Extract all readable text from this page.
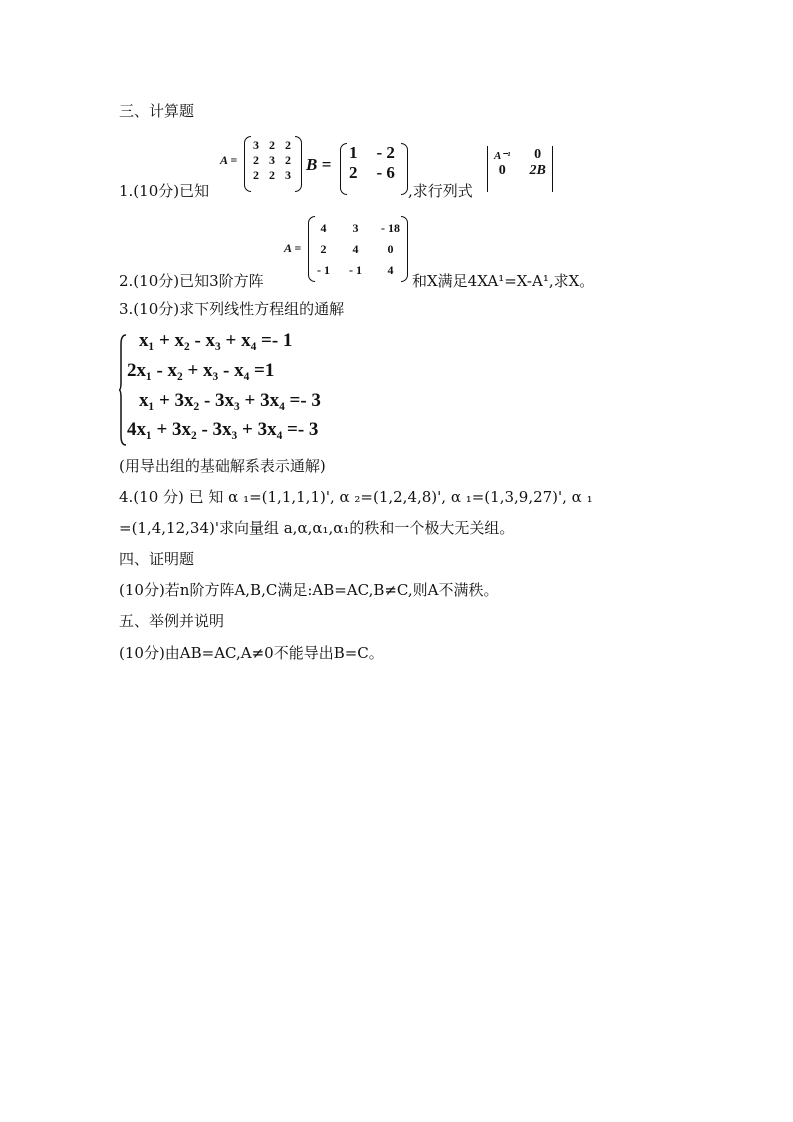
三、计算题
1.(10分)已知
A =
3	2	2
2	3	2
2	2	3
B =
1	- 2
2	- 6
,求行列式
A⁻¹	0
0	2B
2.(10分)已知3阶方阵
A =
4	3	- 18
2	4	0
- 1	- 1	4
和X满足4XA¹=X-A¹,求X。
3.(10分)求下列线性方程组的通解
x₁ + x₂ - x₃ + x₄ =- 1
2x₁ - x₂ + x₃ - x₄ =1
x₁ + 3x₂ - 3x₃ + 3x₄ =- 3
4x₁ + 3x₂ - 3x₃ + 3x₄ =- 3
(用导出组的基础解系表示通解)
4.(10 分) 已 知 α ₁=(1,1,1,1)', α ₂=(1,2,4,8)', α ₁=(1,3,9,27)', α ₁
=(1,4,12,34)'求向量组 a,α,α₁,α₁的秩和一个极大无关组。
四、证明题
(10分)若n阶方阵A,B,C满足:AB=AC,B≠C,则A不满秩。
五、举例并说明
(10分)由AB=AC,A≠0不能导出B=C。
